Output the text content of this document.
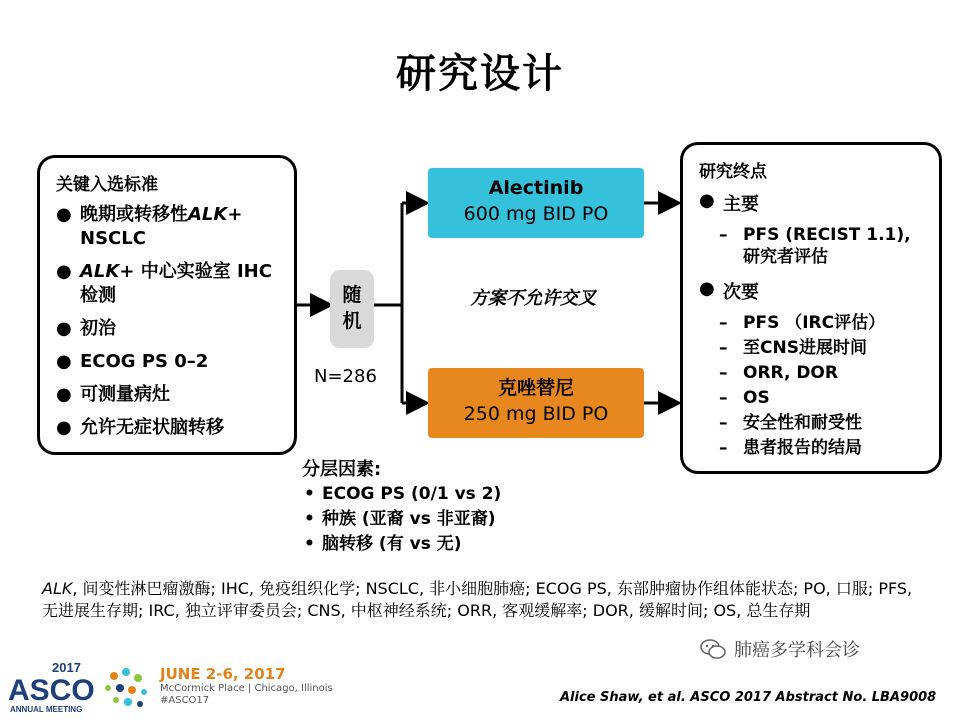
研究设计
关键入选标准
● 晚期或转移性ALK+ NSCLC
● ALK+ 中心实验室 IHC检测
● 初治
● ECOG PS 0–2
● 可测量病灶
● 允许无症状脑转移
随
机
N=286
Alectinib
600 mg BID PO
克唑替尼
250 mg BID PO
方案不允许交叉
研究终点
● 主要
– PFS (RECIST 1.1), 研究者评估
● 次要
– PFS （IRC评估）
– 至CNS进展时间
– ORR, DOR
– OS
– 安全性和耐受性
– 患者报告的结局
分层因素:
• ECOG PS (0/1 vs 2)
• 种族 (亚裔 vs 非亚裔)
• 脑转移 (有 vs 无)
ALK, 间变性淋巴瘤激酶; IHC, 免疫组织化学; NSCLC, 非小细胞肺癌; ECOG PS, 东部肿瘤协作组体能状态; PO, 口服; PFS, 无进展生存期; IRC, 独立评审委员会; CNS, 中枢神经系统; ORR, 客观缓解率; DOR, 缓解时间; OS, 总生存期
2017
ASCO
ANNUAL MEETING
JUNE 2-6, 2017
McCormick Place | Chicago, Illinois
#ASCO17
肺癌多学科会诊
Alice Shaw, et al. ASCO 2017 Abstract No. LBA9008
